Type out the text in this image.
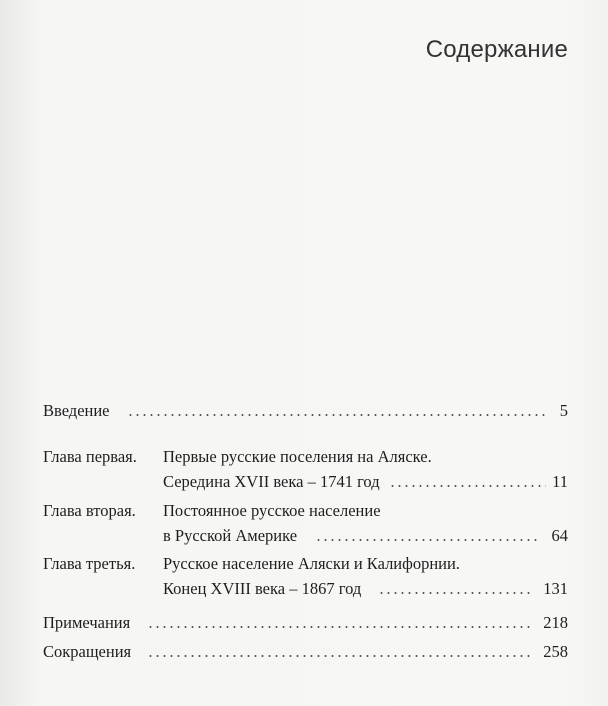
Содержание
Введение	5
Глава первая. Первые русские поселения на Аляске.
Середина XVII века – 1741 год	11
Глава вторая. Постоянное русское население
в Русской Америке	64
Глава третья. Русское население Аляски и Калифорнии.
Конец XVIII века – 1867 год	131
Примечания	218
Сокращения	258
